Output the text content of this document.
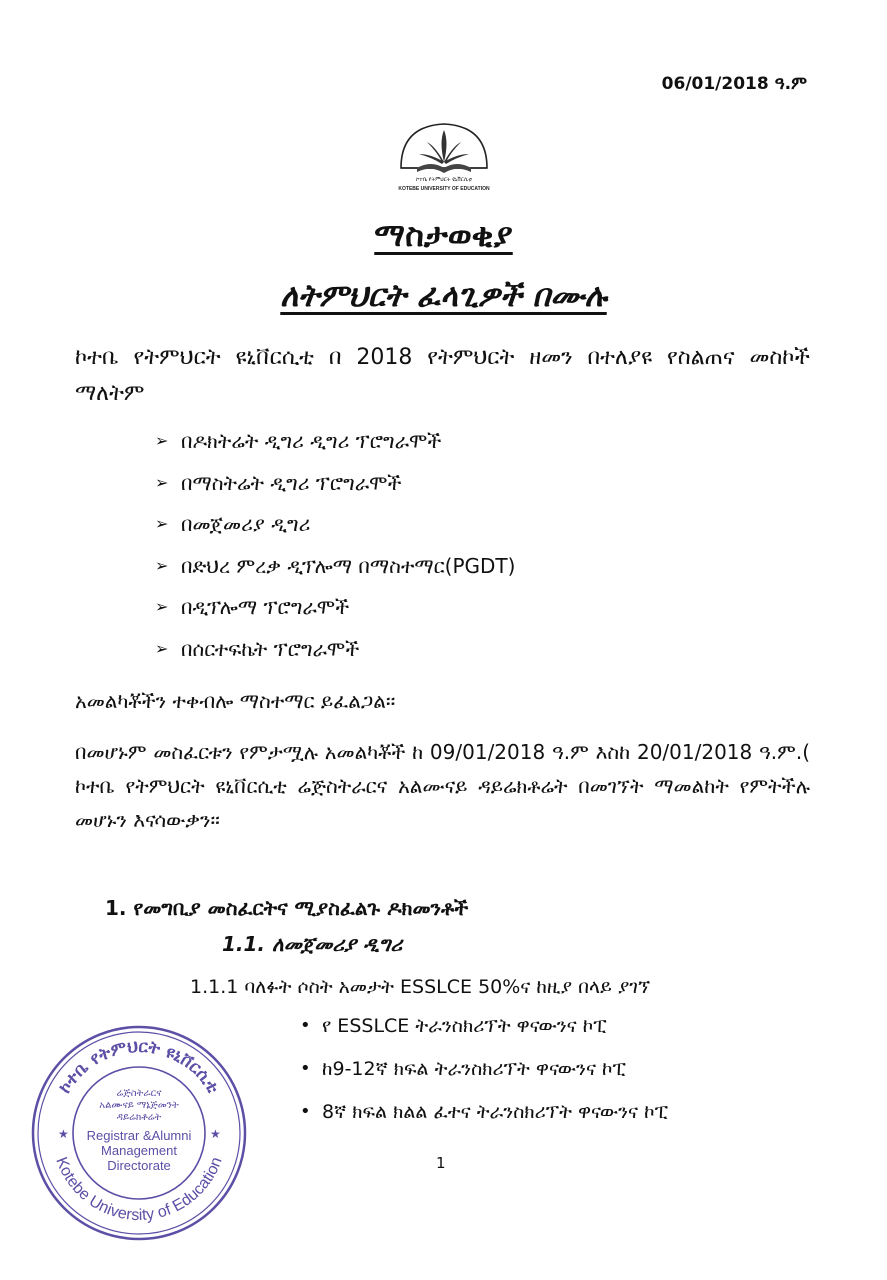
06/01/2018 ዓ.ም
ኮተቤ የትምህርት ዩኒቨርሲቲ
KOTEBE UNIVERSITY OF EDUCATION
ማስታወቂያ
ለትምህርት ፈላጊዎች በሙሉ
ኮተቤ የትምህርት ዩኒቨርሲቲ በ 2018 የትምህርት ዘመን በተለያዩ የስልጠና መስኮች ማለትም
➢ በዶክትሬት ዲግሪ ዲግሪ ፕሮግራሞች
➢ በማስትሬት ዲግሪ ፕሮግራሞች
➢ በመጀመሪያ ዲግሪ
➢ በድህረ ምረቃ ዲፕሎማ በማስተማር(PGDT)
➢ በዲፕሎማ ፕሮግራሞች
➢ በሰርተፍኬት ፕሮግራሞች
አመልካቾችን ተቀብሎ ማስተማር ይፈልጋል፡፡
በመሆኑም መስፈርቱን የምታሟሉ አመልካቾች ከ 09/01/2018 ዓ.ም እስከ 20/01/2018 ዓ.ም.( ኮተቤ የትምህርት ዩኒቨርሲቲ ሬጅስትራርና አልሙናይ ዳይሬክቶሬት በመገኘት ማመልከት የምትችሉ መሆኑን እናሳውቃን፡፡
1. የመግቢያ መስፈርትና ሚያስፈልጉ ዶክመንቶች
1.1. ለመጀመሪያ ዲግሪ
1.1.1 ባለፉት ሶስት አመታት ESSLCE 50%ና ከዚያ በላይ ያገኘ
• የ ESSLCE ትራንስክሪፕት ዋናውንና ኮፒ
• ከ9-12ኛ ክፍል ትራንስክሪፕት ዋናውንና ኮፒ
• 8ኛ ክፍል ክልል ፈተና ትራንስክሪፕት ዋናውንና ኮፒ
1
ኮተቤ የትምህርት ዩኒቨርሲቲ
Kotebe University of Education
★	★
ሬጅስትራርና
አልሙናይ ማኔጅመንት
ዳይሬክቶሬት
Registrar &Alumni
Management
Directorate
